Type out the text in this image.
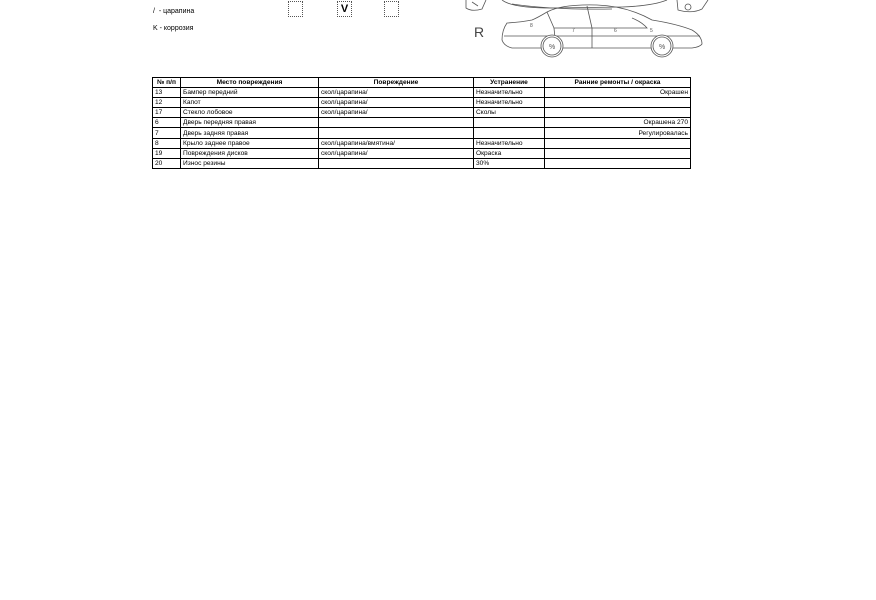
/ - царапина
K - коррозия
V
8
7	6	5
%	%
R
№ п/п	Место повреждения	Повреждение	Устранение	Ранние ремонты / окраска
13	Бампер передний	скол/царапина/	Незначительно	Окрашен
12	Капот	скол/царапина/	Незначительно	
17	Стекло лобовое	скол/царапина/	Сколы	
6	Дверь передняя правая			Окрашена 270
7	Дверь задняя правая			Регулировалась
8	Крыло заднее правое	скол/царапина/вмятина/	Незначительно	
19	Повреждения дисков	скол/царапина/	Окраска	
20	Износ резины		30%	
